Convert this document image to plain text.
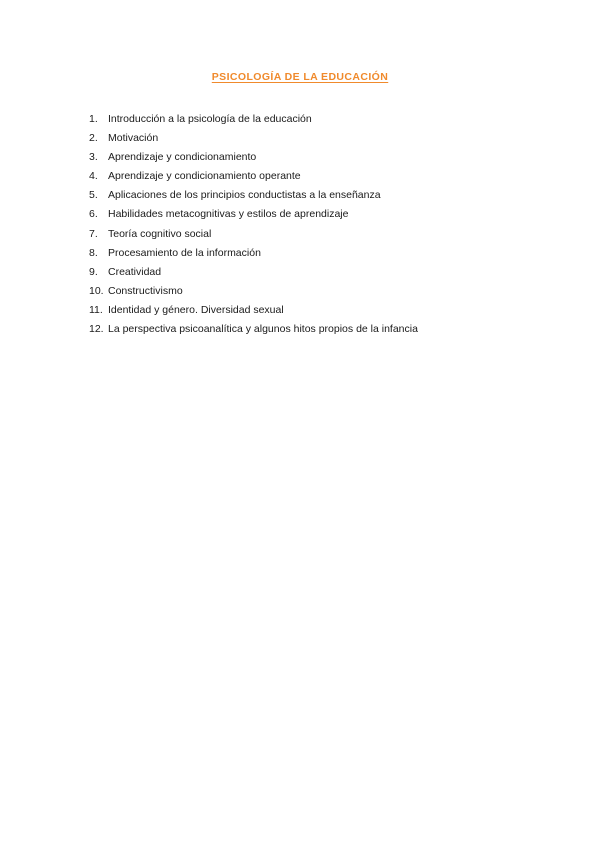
PSICOLOGÍA DE LA EDUCACIÓN
1. Introducción a la psicología de la educación
2. Motivación
3. Aprendizaje y condicionamiento
4. Aprendizaje y condicionamiento operante
5. Aplicaciones de los principios conductistas a la enseñanza
6. Habilidades metacognitivas y estilos de aprendizaje
7. Teoría cognitivo social
8. Procesamiento de la información
9. Creatividad
10. Constructivismo
11. Identidad y género. Diversidad sexual
12. La perspectiva psicoanalítica y algunos hitos propios de la infancia
